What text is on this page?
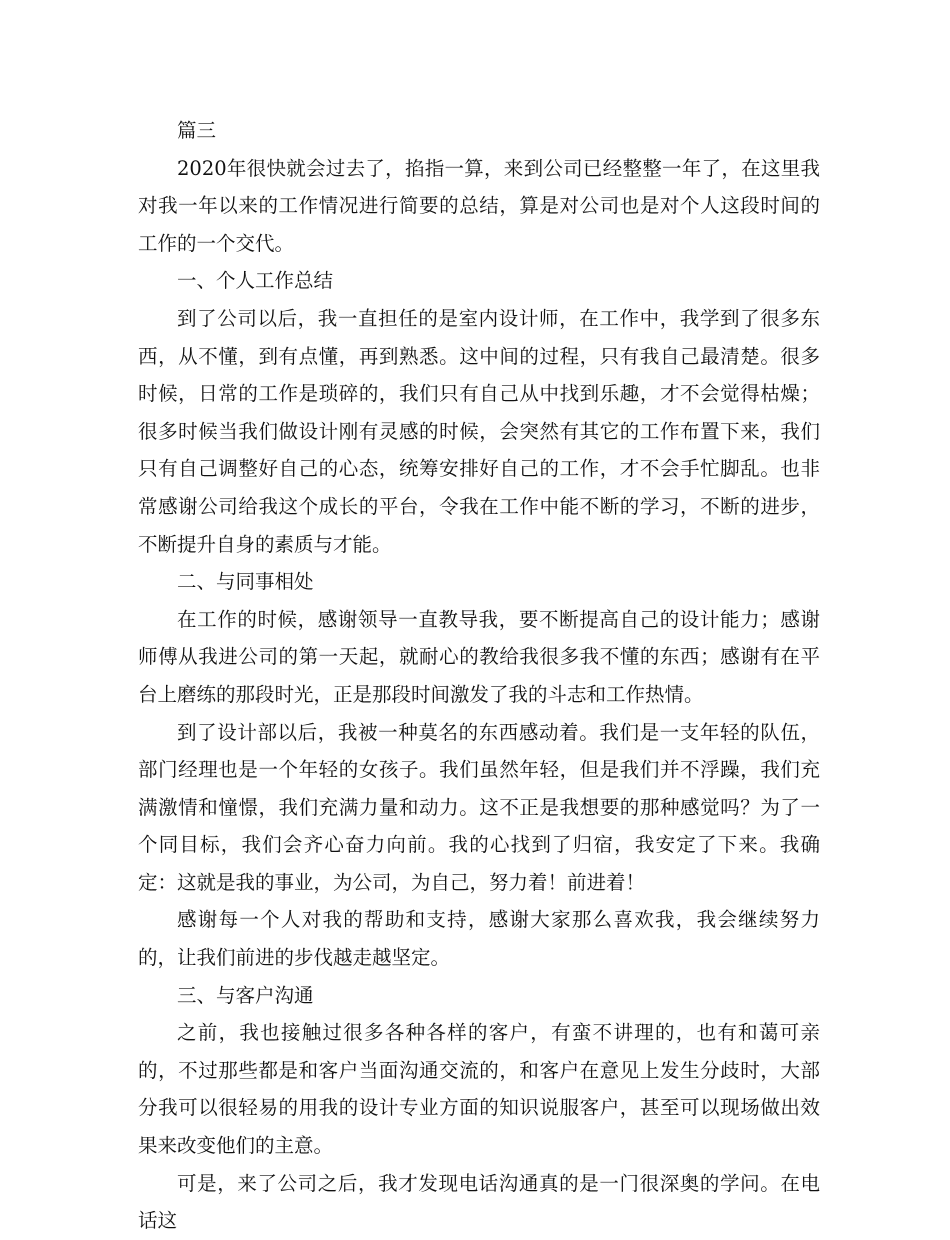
篇三

2020年很快就会过去了，掐指一算，来到公司已经整整一年了，在这里我对我一年以来的工作情况进行简要的总结，算是对公司也是对个人这段时间的工作的一个交代。

一、个人工作总结

到了公司以后，我一直担任的是室内设计师，在工作中，我学到了很多东西，从不懂，到有点懂，再到熟悉。这中间的过程，只有我自己最清楚。很多时候，日常的工作是琐碎的，我们只有自己从中找到乐趣，才不会觉得枯燥；很多时候当我们做设计刚有灵感的时候，会突然有其它的工作布置下来，我们只有自己调整好自己的心态，统筹安排好自己的工作，才不会手忙脚乱。也非常感谢公司给我这个成长的平台，令我在工作中能不断的学习，不断的进步，不断提升自身的素质与才能。

二、与同事相处

在工作的时候，感谢领导一直教导我，要不断提高自己的设计能力；感谢师傅从我进公司的第一天起，就耐心的教给我很多我不懂的东西；感谢有在平台上磨练的那段时光，正是那段时间激发了我的斗志和工作热情。

到了设计部以后，我被一种莫名的东西感动着。我们是一支年轻的队伍，部门经理也是一个年轻的女孩子。我们虽然年轻，但是我们并不浮躁，我们充满激情和憧憬，我们充满力量和动力。这不正是我想要的那种感觉吗？为了一个同目标，我们会齐心奋力向前。我的心找到了归宿，我安定了下来。我确定：这就是我的事业，为公司，为自己，努力着！前进着！

感谢每一个人对我的帮助和支持，感谢大家那么喜欢我，我会继续努力的，让我们前进的步伐越走越坚定。

三、与客户沟通

之前，我也接触过很多各种各样的客户，有蛮不讲理的，也有和蔼可亲的，不过那些都是和客户当面沟通交流的，和客户在意见上发生分歧时，大部分我可以很轻易的用我的设计专业方面的知识说服客户，甚至可以现场做出效果来改变他们的主意。

可是，来了公司之后，我才发现电话沟通真的是一门很深奥的学问。在电话这
